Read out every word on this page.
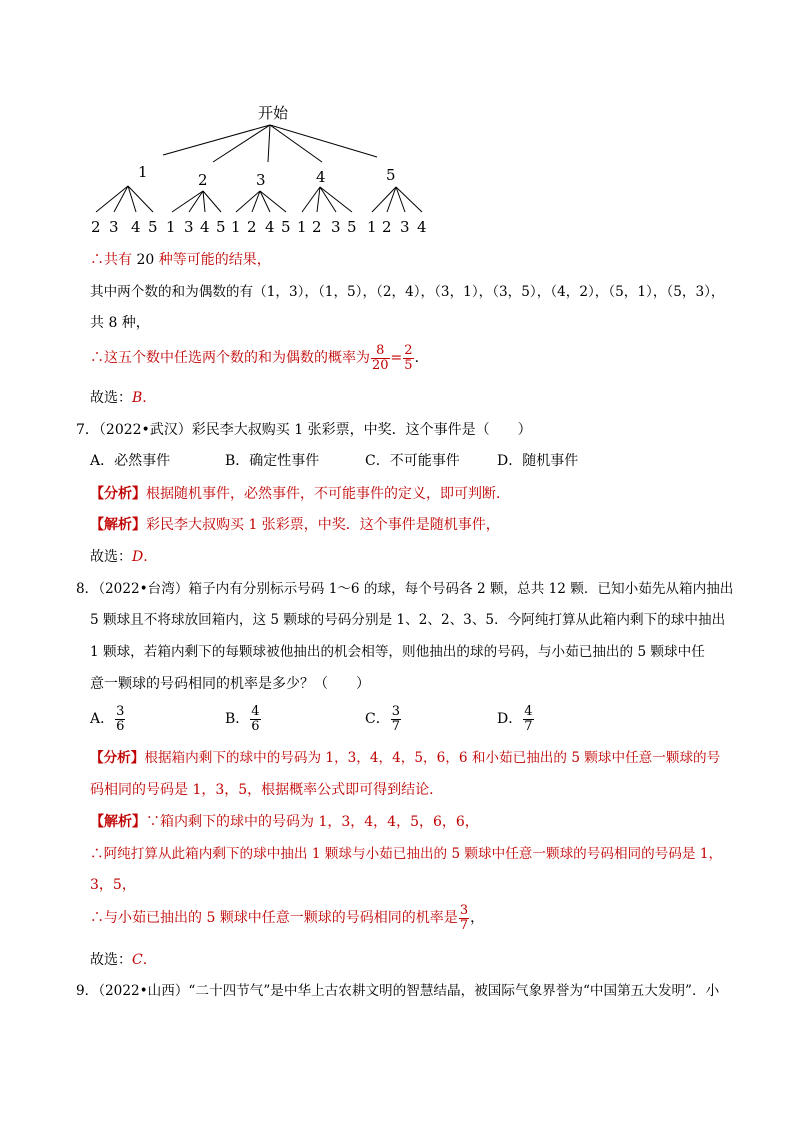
开始
1	2	3	4	5
2 3 4 5 1 3 4 5 1 2 4 5 1 2 3 5 1 2 3 4
∴共有 20 种等可能的结果，
其中两个数的和为偶数的有（1，3），（1，5），（2，4），（3，1），（3，5），（4，2），（5，1），（5，3），
共 8 种，
∴这五个数中任选两个数的和为偶数的概率为 $\frac{8}{20} = \frac{2}{5}$ .
故选：B.
7．（2022•武汉）彩民李大叔购买 1 张彩票，中奖．这个事件是（　　）
A．必然事件	B．确定性事件	C．不可能事件	D．随机事件
【分析】根据随机事件，必然事件，不可能事件的定义，即可判断．
【解析】彩民李大叔购买 1 张彩票，中奖．这个事件是随机事件，
故选：D.
8．（2022•台湾）箱子内有分别标示号码 1～6 的球，每个号码各 2 颗，总共 12 颗．已知小茹先从箱内抽出
5 颗球且不将球放回箱内，这 5 颗球的号码分别是 1、2、2、3、5．今阿纯打算从此箱内剩下的球中抽出
1 颗球，若箱内剩下的每颗球被他抽出的机会相等，则他抽出的球的号码，与小茹已抽出的 5 颗球中任
意一颗球的号码相同的机率是多少？（　　）
A． $\frac{3}{6}$	B． $\frac{4}{6}$	C． $\frac{3}{7}$	D． $\frac{4}{7}$
【分析】根据箱内剩下的球中的号码为 1，3，4，4，5，6，6 和小茹已抽出的 5 颗球中任意一颗球的号
码相同的号码是 1，3，5，根据概率公式即可得到结论．
【解析】∵箱内剩下的球中的号码为 1，3，4，4，5，6，6，
∴阿纯打算从此箱内剩下的球中抽出 1 颗球与小茹已抽出的 5 颗球中任意一颗球的号码相同的号码是 1，
3，5，
∴与小茹已抽出的 5 颗球中任意一颗球的号码相同的机率是 $\frac{3}{7}$ ，
故选：C.
9．（2022•山西）“二十四节气”是中华上古农耕文明的智慧结晶，被国际气象界誉为“中国第五大发明”．小
